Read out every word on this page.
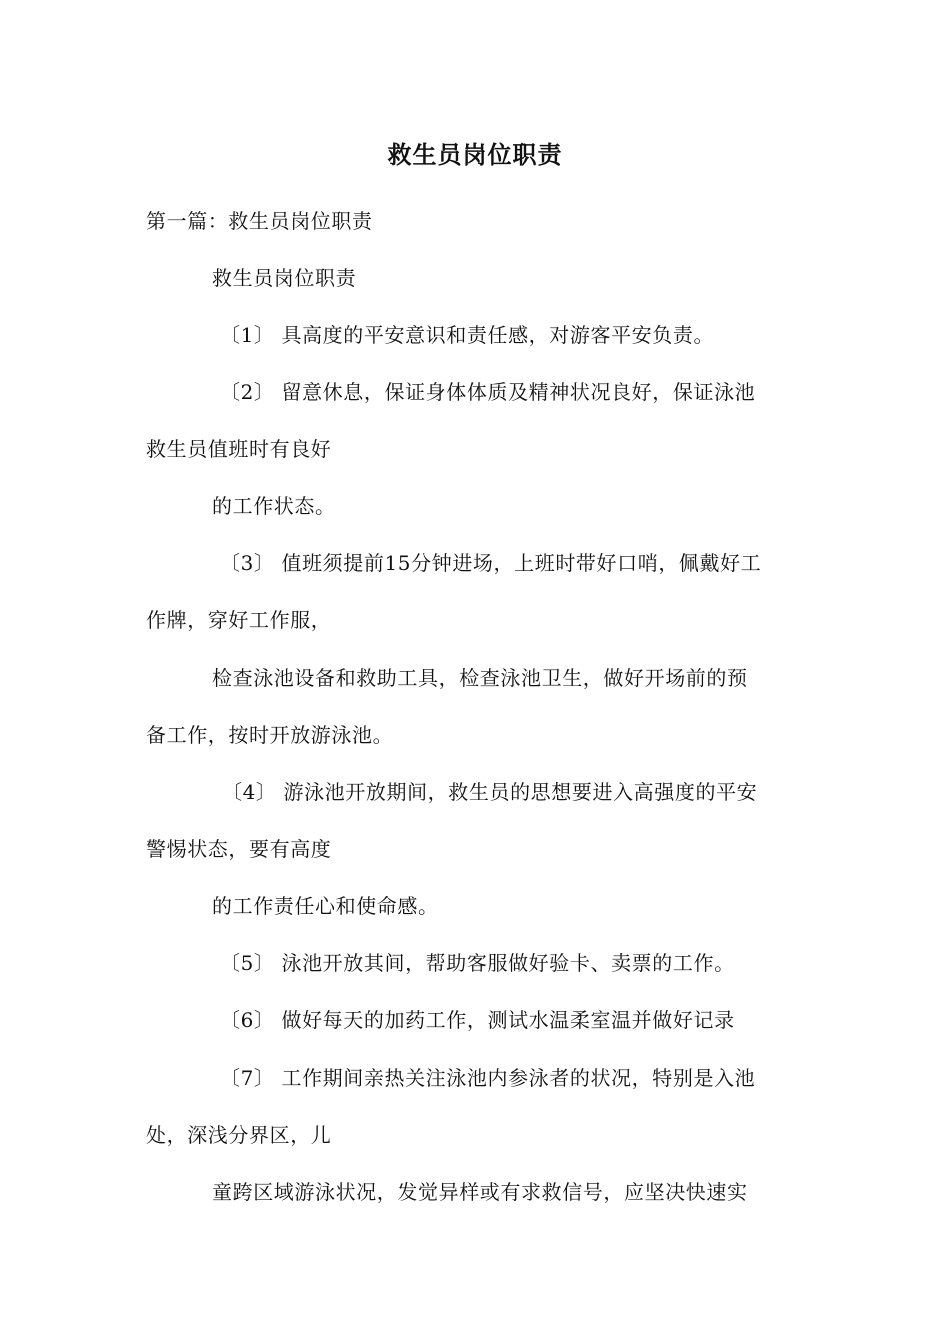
救生员岗位职责
第一篇：救生员岗位职责
救生员岗位职责
〔1〕 具高度的平安意识和责任感，对游客平安负责。
〔2〕 留意休息，保证身体体质及精神状况良好，保证泳池
救生员值班时有良好
的工作状态。
〔3〕 值班须提前15分钟进场，上班时带好口哨，佩戴好工
作牌，穿好工作服，
检查泳池设备和救助工具，检查泳池卫生，做好开场前的预
备工作，按时开放游泳池。
〔4〕 游泳池开放期间，救生员的思想要进入高强度的平安
警惕状态，要有高度
的工作责任心和使命感。
〔5〕 泳池开放其间，帮助客服做好验卡、卖票的工作。
〔6〕 做好每天的加药工作，测试水温柔室温并做好记录
〔7〕 工作期间亲热关注泳池内参泳者的状况，特别是入池
处，深浅分界区，儿
童跨区域游泳状况，发觉异样或有求救信号，应坚决快速实
